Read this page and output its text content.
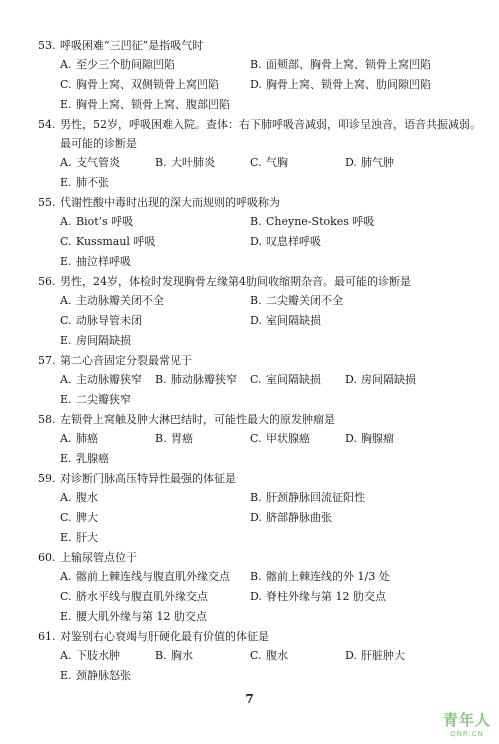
53. 呼吸困难“三凹征”是指吸气时
A. 至少三个肋间隙凹陷	B. 面颊部、胸骨上窝、锁骨上窝凹陷
C. 胸骨上窝、双侧锁骨上窝凹陷	D. 胸骨上窝、锁骨上窝、肋间隙凹陷
E. 胸骨上窝、锁骨上窝、腹部凹陷
54. 男性，52岁，呼吸困难入院。查体：右下肺呼吸音减弱，叩诊呈浊音，语音共振减弱。
最可能的诊断是
A. 支气管炎	B. 大叶肺炎	C. 气胸	D. 肺气肿
E. 肺不张
55. 代谢性酸中毒时出现的深大而规则的呼吸称为
A. Biot’s 呼吸	B. Cheyne-Stokes 呼吸
C. Kussmaul 呼吸	D. 叹息样呼吸
E. 抽泣样呼吸
56. 男性，24岁，体检时发现胸骨左缘第4肋间收缩期杂音。最可能的诊断是
A. 主动脉瓣关闭不全	B. 二尖瓣关闭不全
C. 动脉导管未闭	D. 室间隔缺损
E. 房间隔缺损
57. 第二心音固定分裂最常见于
A. 主动脉瓣狭窄	B. 肺动脉瓣狭窄	C. 室间隔缺损	D. 房间隔缺损
E. 二尖瓣狭窄
58. 左锁骨上窝触及肿大淋巴结时，可能性最大的原发肿瘤是
A. 肺癌	B. 胃癌	C. 甲状腺癌	D. 胸腺瘤
E. 乳腺癌
59. 对诊断门脉高压特异性最强的体征是
A. 腹水	B. 肝颈静脉回流征阳性
C. 脾大	D. 脐部静脉曲张
E. 肝大
60. 上输尿管点位于
A. 髂前上棘连线与腹直肌外缘交点	B. 髂前上棘连线的外 1/3 处
C. 脐水平线与腹直肌外缘交点	D. 脊柱外缘与第 12 肋交点
E. 腰大肌外缘与第 12 肋交点
61. 对鉴别右心衰竭与肝硬化最有价值的体征是
A. 下肢水肿	B. 胸水	C. 腹水	D. 肝脏肿大
E. 颈静脉怒张
7
青年人
QNR.CN
